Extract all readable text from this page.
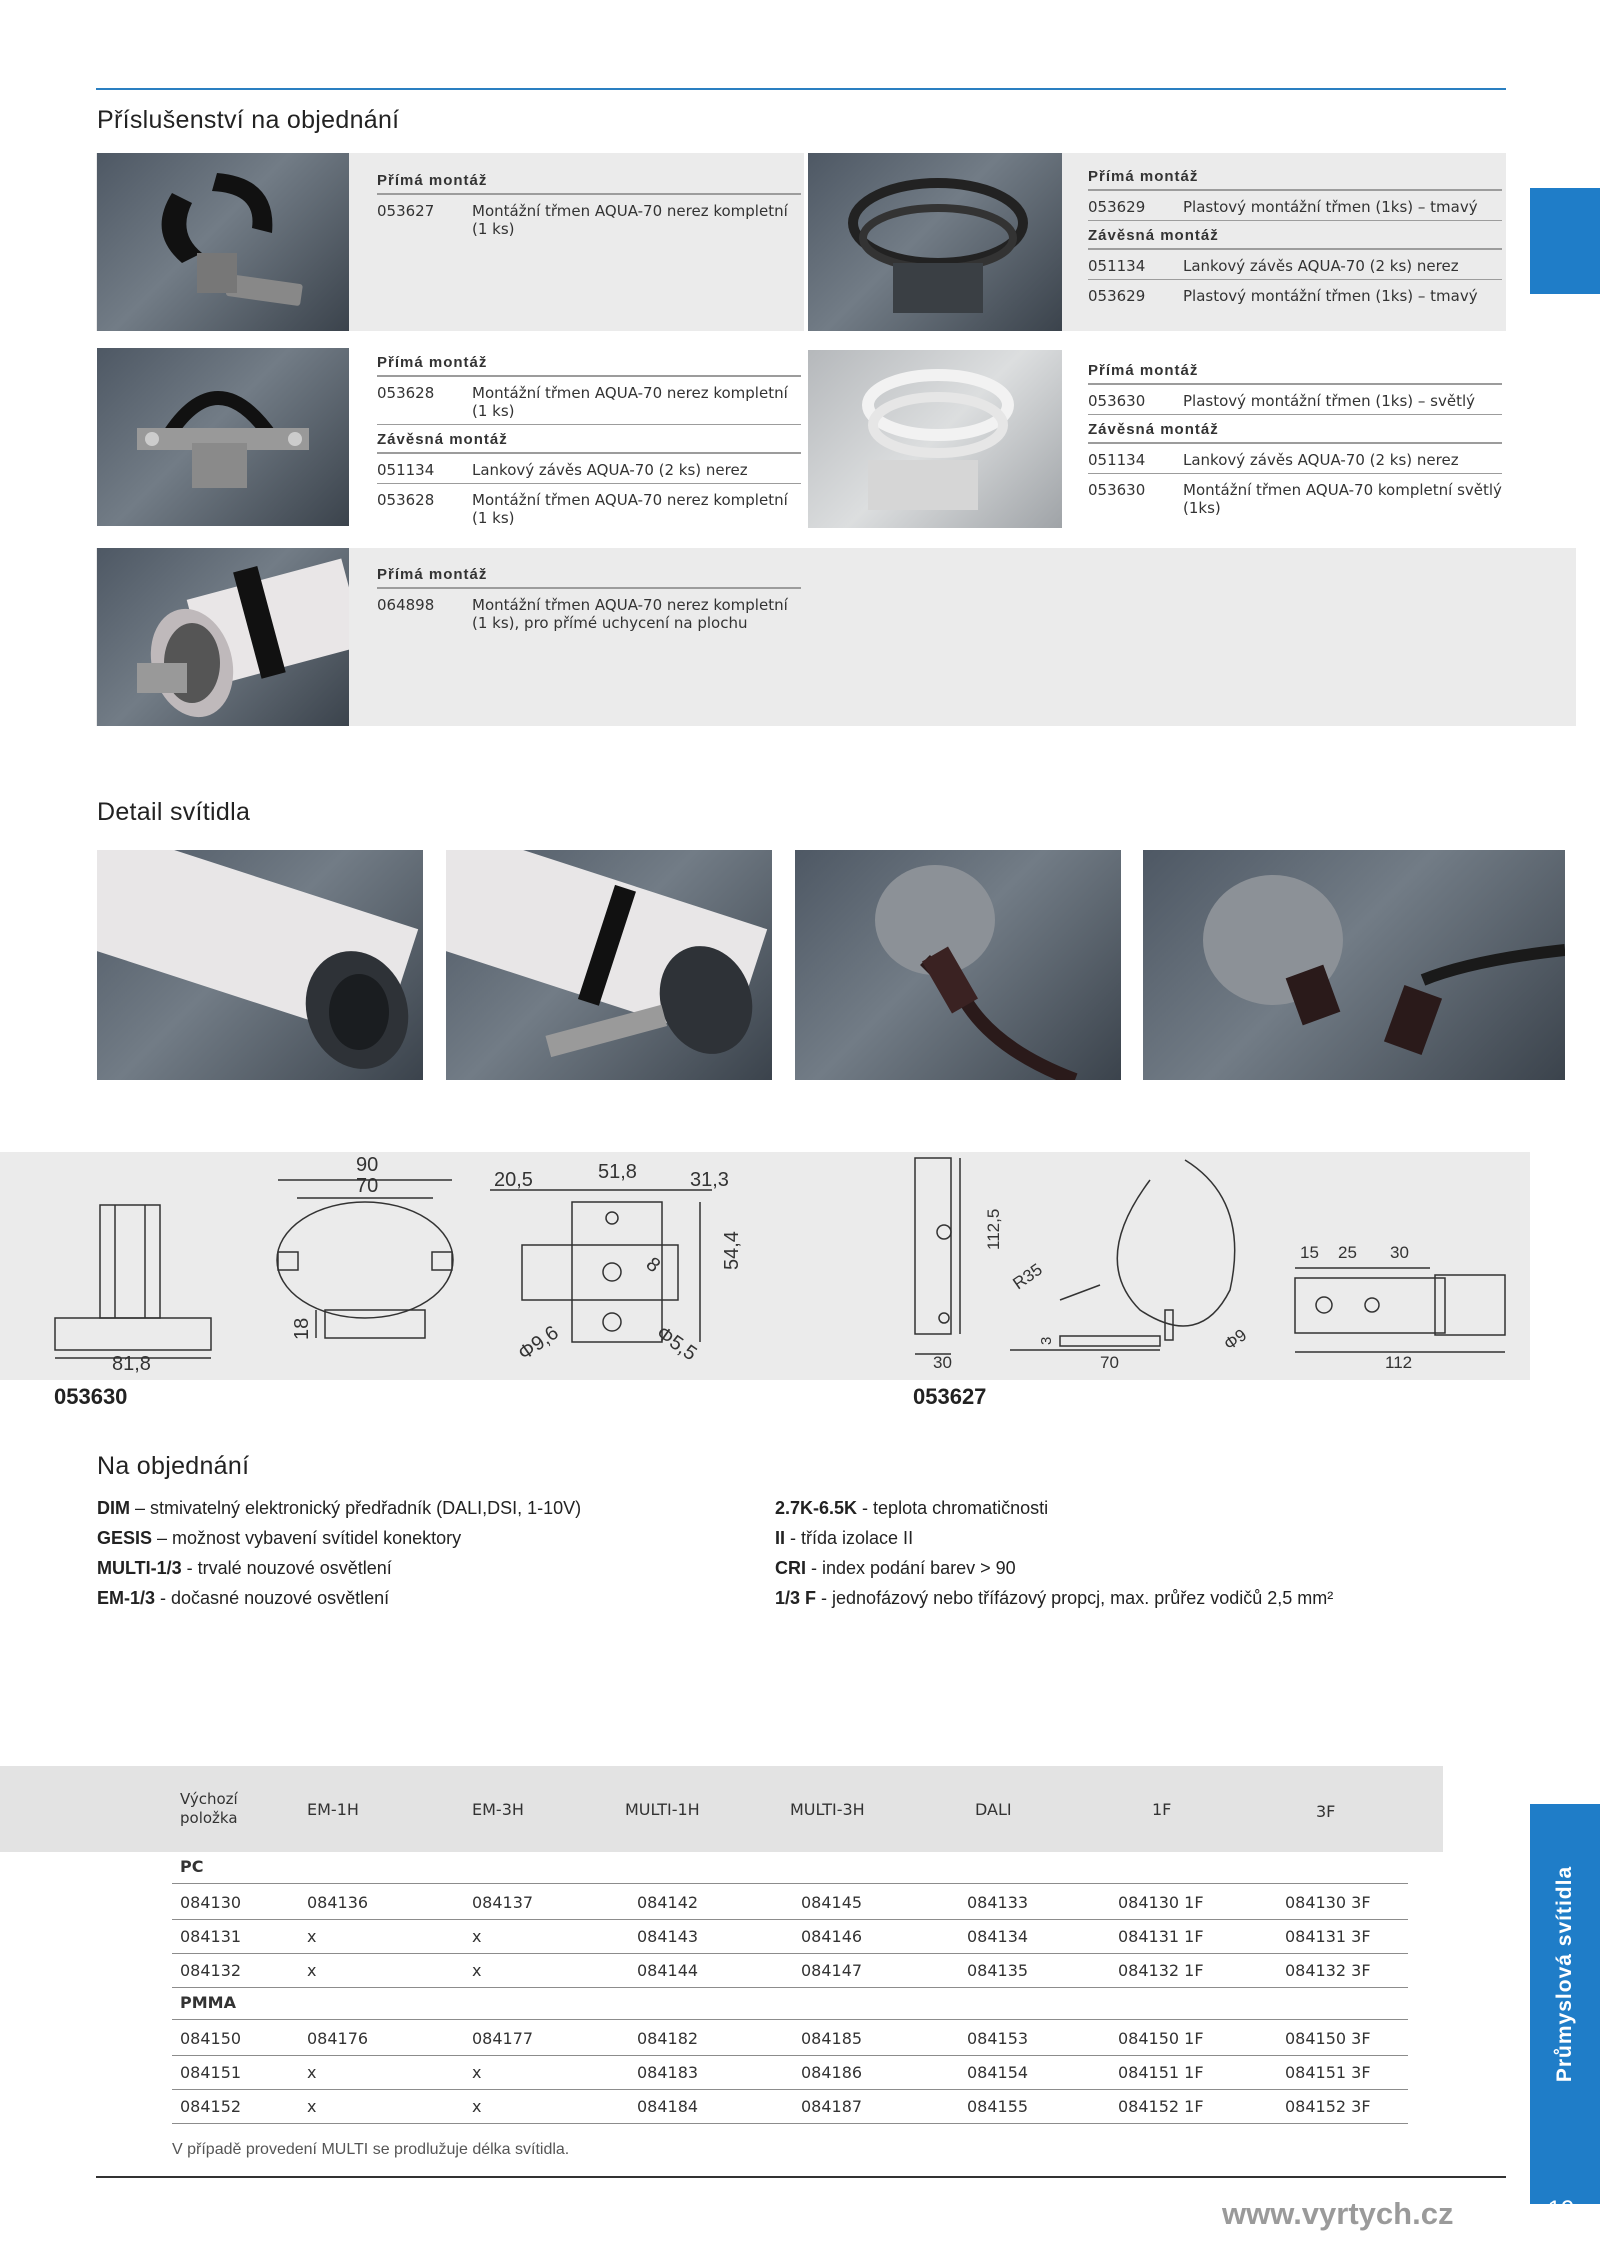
Příslušenství na objednání
Přímá montáž
053627	Montážní třmen AQUA-70 nerez kompletní (1 ks)
Přímá montáž
053629	Plastový montážní třmen (1ks) – tmavý
Závěsná montáž
051134	Lankový závěs AQUA-70 (2 ks) nerez
053629	Plastový montážní třmen (1ks) – tmavý
Přímá montáž
053628	Montážní třmen AQUA-70 nerez kompletní (1 ks)
Závěsná montáž
051134	Lankový závěs AQUA-70 (2 ks) nerez
053628	Montážní třmen AQUA-70 nerez kompletní (1 ks)
Přímá montáž
053630	Plastový montážní třmen (1ks) – světlý
Závěsná montáž
051134	Lankový závěs AQUA-70 (2 ks) nerez
053630	Montážní třmen AQUA-70 kompletní světlý (1ks)
Přímá montáž
064898	Montážní třmen AQUA-70 nerez kompletní (1 ks), pro přímé uchycení na plochu
Detail svítidla
81,8
90
70
18
20,5	51,8	31,3
54,4
8
Φ9,6	Φ5,5
112,5
30
R35
3
70
15 25 30
Φ9
112
053630	053627
Na objednání
DIM – stmivatelný elektronický předřadník (DALI,DSI, 1-10V)
GESIS – možnost vybavení svítidel konektory
MULTI-1/3 - trvalé nouzové osvětlení
EM-1/3 - dočasné nouzové osvětlení
2.7K-6.5K - teplota chromatičnosti
II - třída izolace II
CRI - index podání barev > 90
1/3 F - jednofázový nebo třífázový propcj, max. průřez vodičů 2,5 mm²
Výchozí položka	EM-1H	EM-3H	MULTI-1H	MULTI-3H	DALI	1F	3F
PC
084130	084136	084137	084142	084145	084133	084130 1F	084130 3F
084131	x	x	084143	084146	084134	084131 1F	084131 3F
084132	x	x	084144	084147	084135	084132 1F	084132 3F
PMMA
084150	084176	084177	084182	084185	084153	084150 1F	084150 3F
084151	x	x	084183	084186	084154	084151 1F	084151 3F
084152	x	x	084184	084187	084155	084152 1F	084152 3F
V případě provedení MULTI se prodlužuje délka svítidla.
www.vyrtych.cz
Průmyslová svítidla
19
